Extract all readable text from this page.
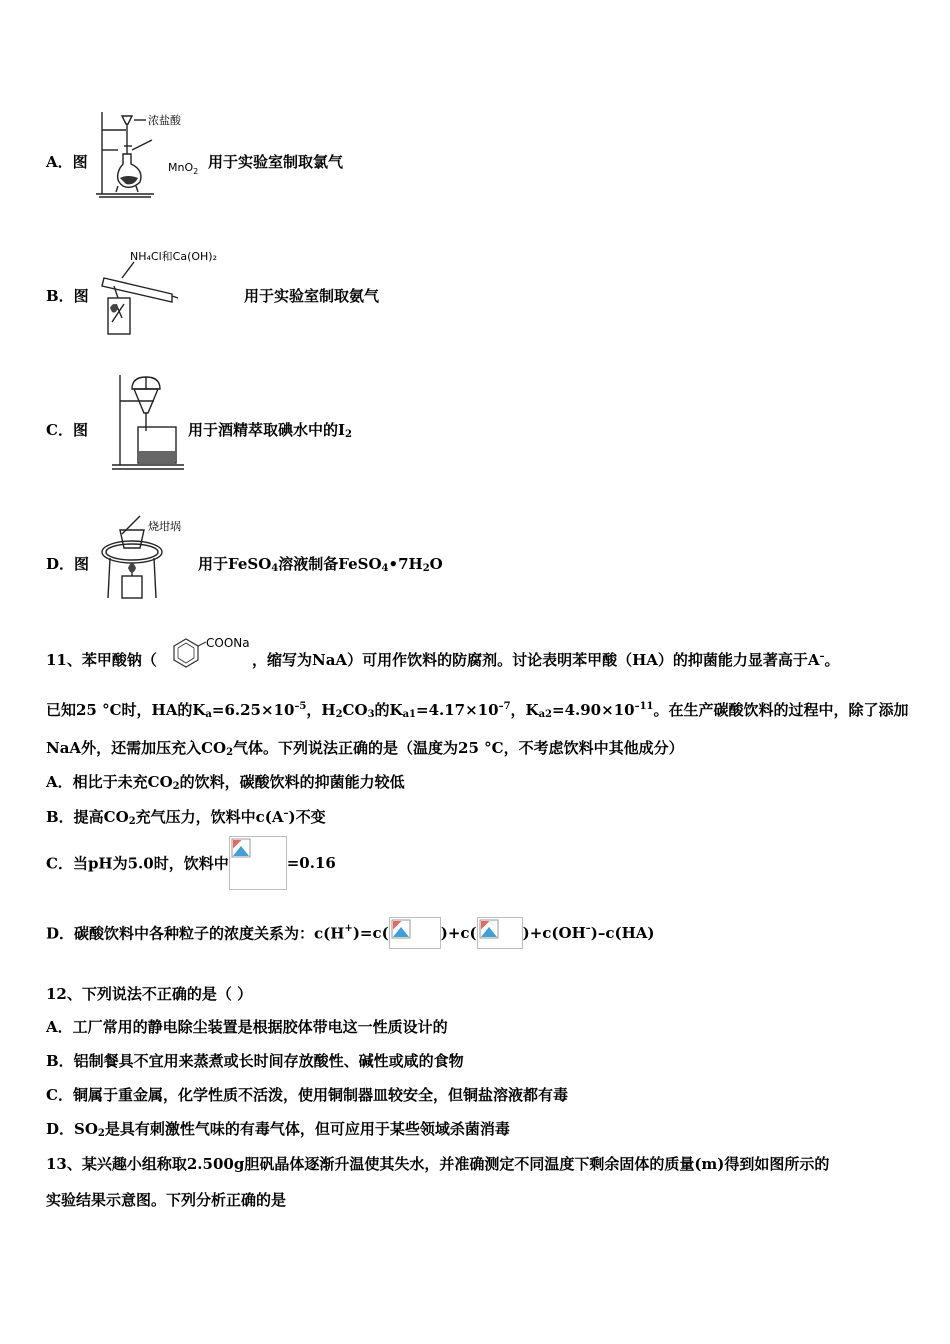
A．图
浓盐酸
MnO$_2$
用于实验室制取氯气
B．图
NH₄Cl和Ca(OH)₂
用于实验室制取氨气
C．图	用于酒精萃取碘水中的$I_2$
D．图
烧坩埚
用于FeSO$_4$溶液制备$FeSO_4•7H_2O$
11、苯甲酸钠（
COONa
，缩写为NaA）可用作饮料的防腐剂。讨论表明苯甲酸（HA）的抑菌能力显著高于A–。
已知25 °C时，HA的$K_a=6.25\times 10^{-5}$，$H_2CO_3$的$K_{a1}=4.17\times 10^{-7}$，$K_{a2}=4.90\times 10^{-11}$。在生产碳酸饮料的过程中，除了添加
NaA外，还需加压充入$CO_2$气体。下列说法正确的是（温度为25 °C，不考虑饮料中其他成分）
A．相比于未充$CO_2$的饮料，碳酸饮料的抑菌能力较低
B．提高$CO_2$充气压力，饮料中c(A–)不变
C．当pH为5.0时，饮料中	=0.16
D．碳酸饮料中各种粒子的浓度关系为：c(H+)=c(	)+c(	)+c(OH–)–c(HA)
12、下列说法不正确的是（ ）
A．工厂常用的静电除尘装置是根据胶体带电这一性质设计的
B．铝制餐具不宜用来蒸煮或长时间存放酸性、碱性或咸的食物
C．铜属于重金属，化学性质不活泼，使用铜制器皿较安全，但铜盐溶液都有毒
D．$SO_2$是具有刺激性气味的有毒气体，但可应用于某些领域杀菌消毒
13、某兴趣小组称取2.500g胆矾晶体逐渐升温使其失水，并准确测定不同温度下剩余固体的质量(m)得到如图所示的
实验结果示意图。下列分析正确的是
